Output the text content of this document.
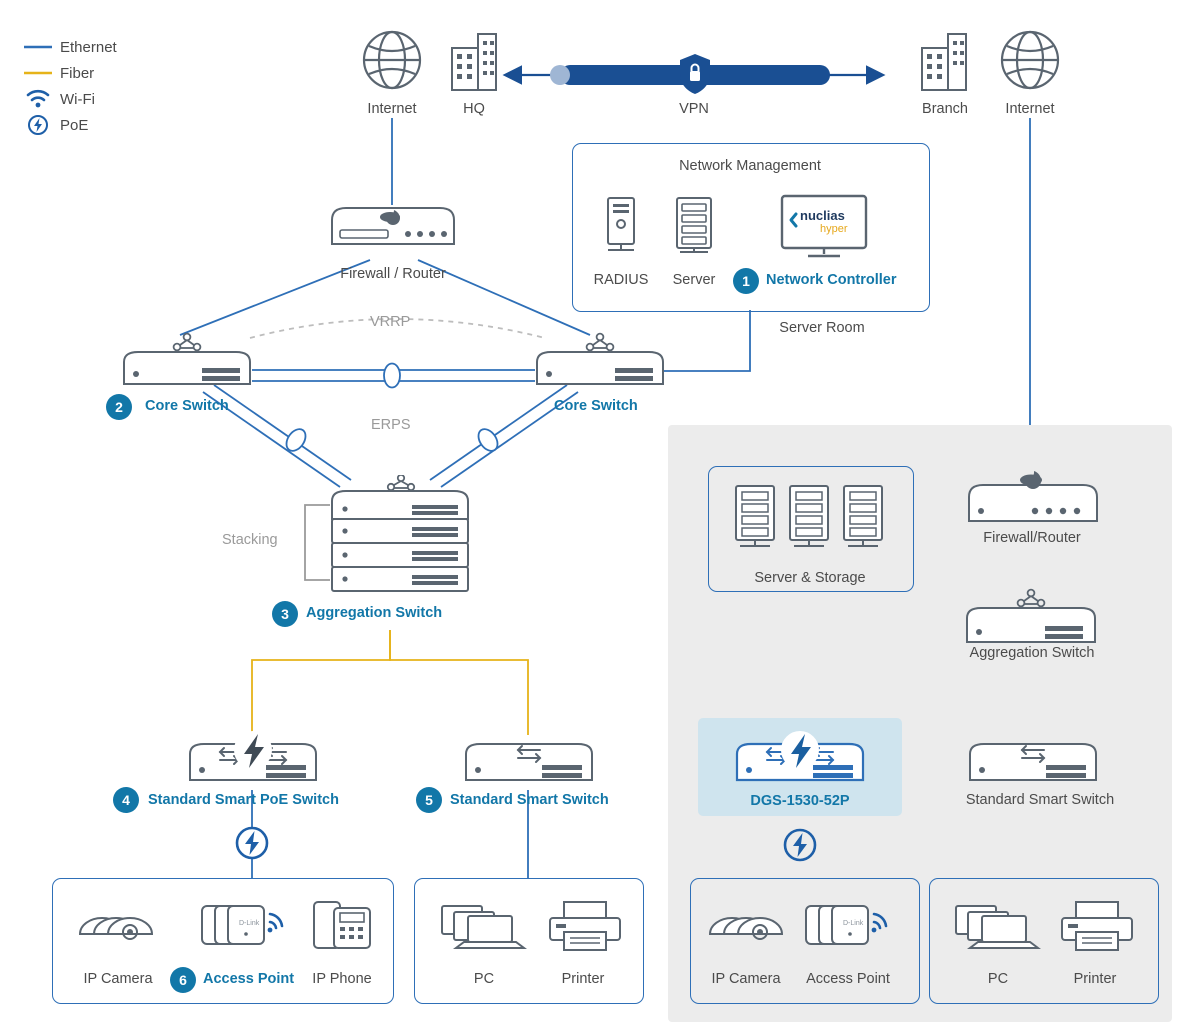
Ethernet
Fiber
Wi-Fi
PoE
Internet	HQ	VPN	Branch	Internet
Network Management
RADIUS Server
nuclias
hyper
1	Network Controller
Server Room
Firewall / Router
2	Core Switch	Core Switch
VRRP
ERPS
Stacking
3	Aggregation Switch
4	Standard Smart PoE Switch	5	Standard Smart Switch
IP Camera
D-Link
6	Access Point IP Phone	PC	Printer
Server & Storage
Firewall/Router
Aggregation Switch
DGS-1530-52P	Standard Smart Switch
IP Camera
D-Link
Access Point	PC	Printer
